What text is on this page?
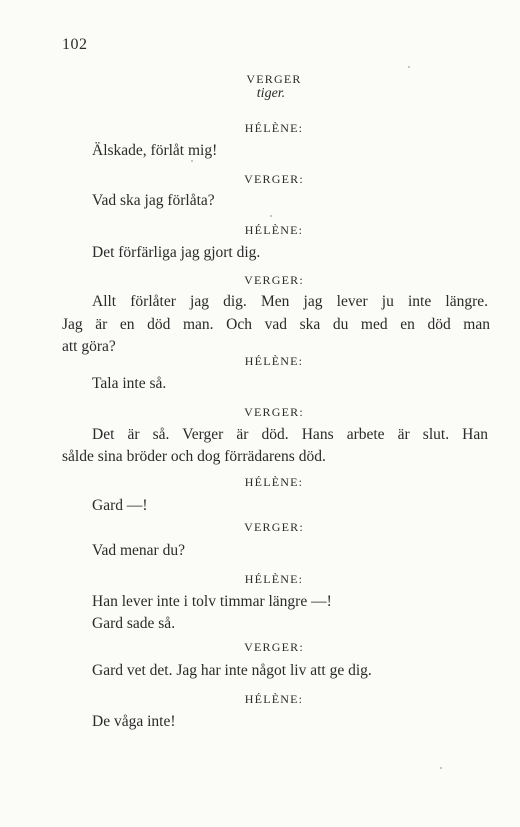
102
VERGER
tiger.
HÉLÈNE:
Älskade, förlåt mig!
VERGER:
Vad ska jag förlåta?
HÉLÈNE:
Det förfärliga jag gjort dig.
VERGER:
Allt förlåter jag dig. Men jag lever ju inte längre.
Jag är en död man. Och vad ska du med en död man
att göra?
HÉLÈNE:
Tala inte så.
VERGER:
Det är så. Verger är död. Hans arbete är slut. Han
sålde sina bröder och dog förrädarens död.
HÉLÈNE:
Gard —!
VERGER:
Vad menar du?
HÉLÈNE:
Han lever inte i tolv timmar längre —!
Gard sade så.
VERGER:
Gard vet det. Jag har inte något liv att ge dig.
HÉLÈNE:
De våga inte!
